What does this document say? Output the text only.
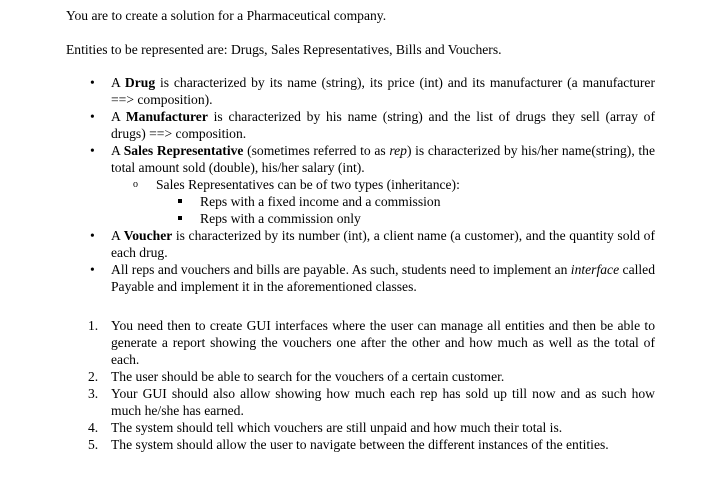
You are to create a solution for a Pharmaceutical company.

Entities to be represented are: Drugs, Sales Representatives, Bills and Vouchers.

•	A Drug is characterized by its name (string), its price (int) and its manufacturer (a manufacturer ==> composition).
•	A Manufacturer is characterized by his name (string) and the list of drugs they sell (array of drugs) ==> composition.
•	A Sales Representative (sometimes referred to as rep) is characterized by his/her name(string), the total amount sold (double), his/her salary (int).
o Sales Representatives can be of two types (inheritance):
Reps with a fixed income and a commission
Reps with a commission only
•	A Voucher is characterized by its number (int), a client name (a customer), and the quantity sold of each drug.
•	All reps and vouchers and bills are payable. As such, students need to implement an interface called Payable and implement it in the aforementioned classes.
1. You need then to create GUI interfaces where the user can manage all entities and then be able to generate a report showing the vouchers one after the other and how much as well as the total of each.
2. The user should be able to search for the vouchers of a certain customer.
3. Your GUI should also allow showing how much each rep has sold up till now and as such how much he/she has earned.
4. The system should tell which vouchers are still unpaid and how much their total is.
5. The system should allow the user to navigate between the different instances of the entities.
